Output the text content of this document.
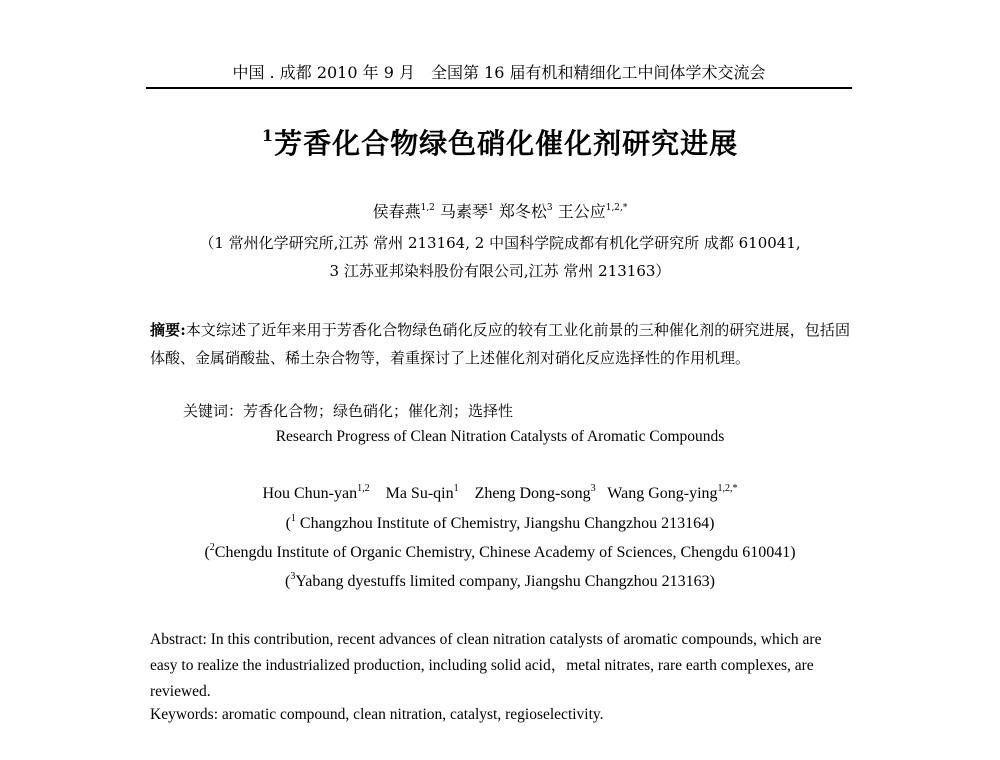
中国 . 成都 2010 年 9 月　全国第 16 届有机和精细化工中间体学术交流会
$^1$芳香化合物绿色硝化催化剂研究进展
侯春燕$^{1,2}$ 马素琴$^1$ 郑冬松$^3$ 王公应$^{1,2,*}$
（1 常州化学研究所,江苏 常州 213164, 2 中国科学院成都有机化学研究所 成都 610041,
3 江苏亚邦染料股份有限公司,江苏 常州 213163）
摘要:本文综述了近年来用于芳香化合物绿色硝化反应的较有工业化前景的三种催化剂的研究进展，包括固体酸、金属硝酸盐、稀土杂合物等，着重探讨了上述催化剂对硝化反应选择性的作用机理。
关键词：芳香化合物；绿色硝化；催化剂；选择性
Research Progress of Clean Nitration Catalysts of Aromatic Compounds
Hou Chun-yan$^{1,2}$ Ma Su-qin$^1$ Zheng Dong-song$^3$ Wang Gong-ying$^{1,2,*}$
($^1$ Changzhou Institute of Chemistry, Jiangshu Changzhou 213164)
($^2$Chengdu Institute of Organic Chemistry, Chinese Academy of Sciences, Chengdu 610041)
($^3$Yabang dyestuffs limited company, Jiangshu Changzhou 213163)
Abstract: In this contribution, recent advances of clean nitration catalysts of aromatic compounds, which are easy to realize the industrialized production, including solid acid，metal nitrates, rare earth complexes, are reviewed.
Keywords: aromatic compound, clean nitration, catalyst, regioselectivity.
